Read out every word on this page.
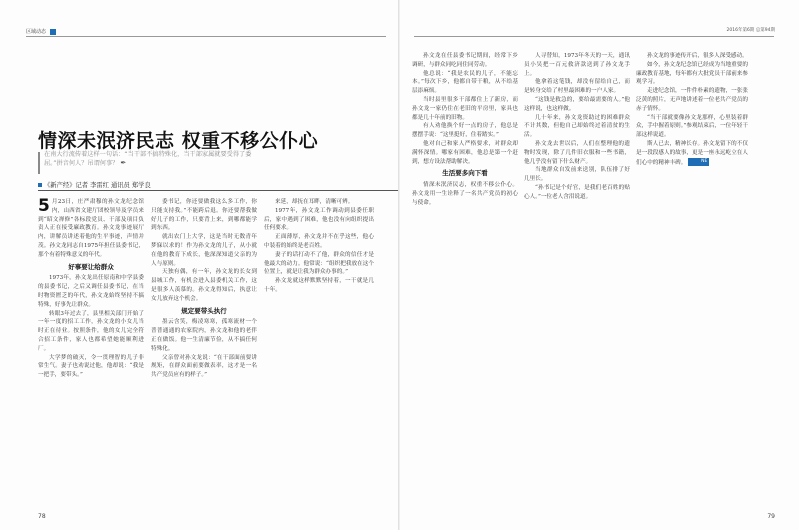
区域动态
情深未泯济民志 权重不移公仆心
在南大行流传着这样一句话：“当干部不搞特殊化，当干部家属就要受得了委屈。”拼音何人？吊谓何事？ ✒
《新产经》记者 李雷红 通讯员 郑学良

5 月23日，庄严肃穆的孙文龙纪念馆内，山西省文建厅团校领导及学员来到“昭文禅修”各标段党员、干部及项目负责人正在接受廉政教育。孙文龙事迹展厅内，讲解员讲述着他的生平事迹，声情并茂。孙文龙同志自1975年担任县委书记，那个有着特殊意义的年代。

好事要让给群众

1973年，孙文龙出任原南和中学县委的县委书记，之后又调任县委书记，在当时物资匮乏的年代，孙文龙始终坚持不搞特殊，好事先让群众。

转眼3年过去了，县里相关部门开始了一年一度的招工工作，孙文龙的小女儿当时正在待业。按照条件，他的女儿完全符合招工条件，家人也都希望她能顺利进厂。

大学梦的破灭，令一贯理智的儿子非常生气。妻子也劝说过他，他却说：“我是一把手，要带头。”

委书记，你还要做我这么多工作，你只能支持我。”不能跨后退。你还要帮我做好儿子的工作，只要背上来，到哪都能学到东西。

就出农门上大学，这是当时无数青年梦寐以求的！作为孙文龙的儿子，从小就在他的教育下成长，他深深知道父亲的为人与原则。

天独有偶，有一年，孙文龙的长女到县城工作，有机会进入县委机关工作，这是很多人羡慕的。孙文龙得知后，执意让女儿放弃这个机会。

规定要带头执行

墨云含笑，梅凌寒寒，孤寒流材一个普普通通的农家院内，孙文龙和他的老伴正在做饭。他一生清廉节俭，从不搞任何特殊化。

父亲曾对孙文龙说：“在干部面前要讲规矩，在群众面前要做表率，这才是一名共产党员应有的样子。”

来延，却抚在耳畔，清晰可辨。

1977年，孙文龙工作调动到县委任职后，家中遇到了困难，他也没有向组织提出任何要求。

正面薄厚，孙文龙并不在乎这些，他心中装着的始终是老百姓。

妻子的话打动不了他，群众的信任才是他最大的动力。他常说：“组织把我放在这个位置上，就是让我为群众办事的。”

孙文龙就这样默默坚持着，一干就是几十年。

78
2016年第6期 总第94期

孙文龙在任县委书记期间，经常下乡调研，与群众同吃同住同劳动。

他总说：“我是农民的儿子，不能忘本。”每次下乡，他都自带干粮，从不给基层添麻烦。

当时县里很多干部都住上了新房，而孙文龙一家仍住在老旧的平房里，家具也都是几十年前的旧物。

有人劝他换个好一点的房子，他总是摆摆手说：“这里挺好，住着踏实。”

他对自己和家人严格要求，对群众却满怀深情。哪家有困难，他总是第一个赶到，想方设法帮助解决。

生活要多向下看

情深未泯济民志，权重不移公仆心。孙文龙用一生诠释了一名共产党员的初心与使命。

人寻替知，1973年冬天的一天，通讯员小吴把一百元救济款送到了孙文龙手上。

他拿着这笔钱，却没有留给自己，而是转身交给了村里最困难的一户人家。

“这钱是救急的，要给最需要的人。”他这样说，也这样做。

几十年来，孙文龙资助过的困难群众不计其数，但他自己却始终过着清贫的生活。

孙文龙去世以后，人们在整理他的遗物时发现，除了几件旧衣服和一些书籍，他几乎没有留下什么财产。

当地群众自发前来送别，队伍排了好几里长。

“孙书记是个好官，是我们老百姓的贴心人。”一位老人含泪说道。

孙文龙的事迹传开后，很多人深受感动。

如今，孙文龙纪念馆已经成为当地重要的廉政教育基地，每年都有大批党员干部前来参观学习。

走进纪念馆，一件件朴素的遗物，一张张泛黄的照片，无声地讲述着一位老共产党员的赤子情怀。

“当干部就要像孙文龙那样，心里装着群众，手中握着原则。”参观结束后，一位年轻干部这样说道。

斯人已去，精神长存。孙文龙留下的不仅是一段段感人的故事，更是一座永远屹立在人们心中的精神丰碑。	NE

79
